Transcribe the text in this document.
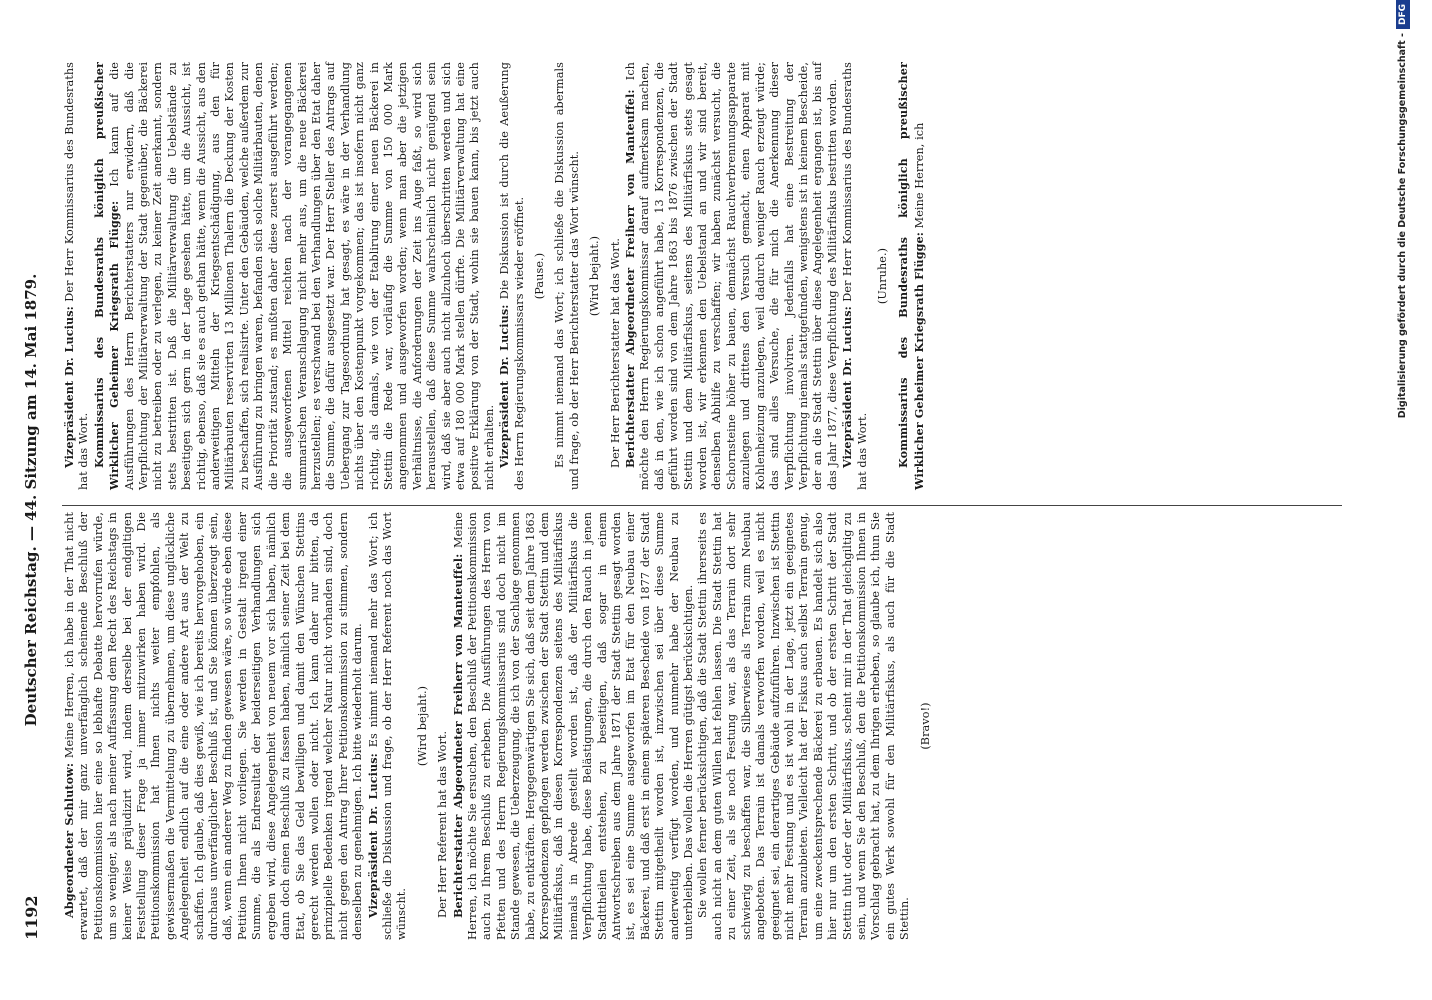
1192
Deutscher Reichstag. — 44. Sitzung am 14. Mai 1879.

Abgeordneter Schlutow: Meine Herren, ich habe in der That nicht erwartet, daß der mir ganz unverfänglich scheinende Beschluß der Petitionskommission hier eine so lebhafte Debatte hervorrufen würde, um so weniger, als nach meiner Auffassung dem Recht des Reichstags in keiner Weise präjudizirt wird, indem derselbe bei der endgiltigen Feststellung dieser Frage ja immer mitzuwirken haben wird. Die Petitionskommission hat Ihnen nichts weiter empfohlen, als gewissermaßen die Vermittelung zu übernehmen, um diese unglückliche Angelegenheit endlich auf die eine oder andere Art aus der Welt zu schaffen. Ich glaube, daß dies gewiß, wie ich bereits hervorgehoben, ein durchaus unverfänglicher Beschluß ist, und Sie können überzeugt sein, daß, wenn ein anderer Weg zu finden gewesen wäre, so würde eben diese Petition Ihnen nicht vorliegen. Sie werden in Gestalt irgend einer Summe, die als Endresultat der beiderseitigen Verhandlungen sich ergeben wird, diese Angelegenheit von neuem vor sich haben, nämlich dann doch einen Beschluß zu fassen haben, nämlich seiner Zeit bei dem Etat, ob Sie das Geld bewilligen und damit den Wünschen Stettins gerecht werden wollen oder nicht. Ich kann daher nur bitten, da prinzipielle Bedenken irgend welcher Natur nicht vorhanden sind, doch nicht gegen den Antrag Ihrer Petitionskommission zu stimmen, sondern denselben zu genehmigen. Ich bitte wiederholt darum. Vizepräsident Dr. Lucius: Es nimmt niemand mehr das Wort; ich schließe die Diskussion und frage, ob der Herr Referent noch das Wort wünscht.

(Wird bejaht.)

Der Herr Referent hat das Wort. Berichterstatter Abgeordneter Freiherr von Manteuffel: Meine Herren, ich möchte Sie ersuchen, den Beschluß der Petitionskommission auch zu Ihrem Beschluß zu erheben. Die Ausführungen des Herrn von Pfetten und des Herrn Regierungskommissarius sind doch nicht im Stande gewesen, die Ueberzeugung, die ich von der Sachlage genommen habe, zu entkräften. Hergegenwärtigen Sie sich, daß seit dem Jahre 1863 Korrespondenzen gepflogen werden zwischen der Stadt Stettin und dem Militärfiskus, daß in diesen Korrespondenzen seitens des Militärfiskus niemals in Abrede gestellt worden ist, daß der Militärfiskus die Verpflichtung habe, diese Belästigungen, die durch den Rauch in jenen Stadttheilen entstehen, zu beseitigen, daß sogar in einem Antwortschreiben aus dem Jahre 1871 der Stadt Stettin gesagt worden ist, es sei eine Summe ausgeworfen im Etat für den Neubau einer Bäckerei, und daß erst in einem späteren Bescheide von 1877 der Stadt Stettin mitgetheilt worden ist, inzwischen sei über diese Summe anderweitig verfügt worden, und nunmehr habe der Neubau zu unterbleiben. Das wollen die Herren gütigst berücksichtigen. Sie wollen ferner berücksichtigen, daß die Stadt Stettin ihrerseits es auch nicht an dem guten Willen hat fehlen lassen. Die Stadt Stettin hat zu einer Zeit, als sie noch Festung war, als das Terrain dort sehr schwierig zu beschaffen war, die Silberwiese als Terrain zum Neubau angeboten. Das Terrain ist damals verworfen worden, weil es nicht geeignet sei, ein derartiges Gebäude aufzuführen. Inzwischen ist Stettin nicht mehr Festung und es ist wohl in der Lage, jetzt ein geeignetes Terrain anzubieten. Vielleicht hat der Fiskus auch selbst Terrain genug, um eine zweckentsprechende Bäckerei zu erbauen. Es handelt sich also hier nur um den ersten Schritt, und ob der ersten Schritt der Stadt Stettin thut oder der Militärfiskus, scheint mir in der That gleichgiltig zu sein, und wenn Sie den Beschluß, den die Petitionskommission Ihnen in Vorschlag gebracht hat, zu dem Ihrigen erheben, so glaube ich, thun Sie ein gutes Werk sowohl für den Militärfiskus, als auch für die Stadt Stettin.

(Bravo!)

Vizepräsident Dr. Lucius: Der Herr Kommissarius des Bundesraths hat das Wort. Kommissarius des Bundesraths königlich preußischer Wirklicher Geheimer Kriegsrath Flügge: Ich kann auf die Ausführungen des Herrn Berichterstatters nur erwidern, daß die Verpflichtung der Militärverwaltung der Stadt gegenüber, die Bäckerei nicht zu betreiben oder zu verlegen, zu keiner Zeit anerkannt, sondern stets bestritten ist. Daß die Militärverwaltung die Uebelstände zu beseitigen sich gern in der Lage gesehen hätte, um die Aussicht, ist richtig, ebenso, daß sie es auch gethan hätte, wenn die Aussicht, aus den anderweitigen Mitteln der Kriegsentschädigung, aus den für Militärbauten reservirten 13 Millionen Thalern die Deckung der Kosten zu beschaffen, sich realisirte. Unter den Gebäuden, welche außerdem zur Ausführung zu bringen waren, befanden sich solche Militärbauten, denen die Priorität zustand; es mußten daher diese zuerst ausgeführt werden; die ausgeworfenen Mittel reichten nach der vorangegangenen summarischen Veranschlagung nicht mehr aus, um die neue Bäckerei herzustellen; es verschwand bei den Verhandlungen über den Etat daher die Summe, die dafür ausgesetzt war. Der Herr Steller des Antrags auf Uebergang zur Tagesordnung hat gesagt, es wäre in der Verhandlung nichts über den Kostenpunkt vorgekommen; das ist insofern nicht ganz richtig, als damals, wie von der Etablirung einer neuen Bäckerei in Stettin die Rede war, vorläufig die Summe von 150 000 Mark angenommen und ausgeworfen worden; wenn man aber die jetzigen Verhältnisse, die Anforderungen der Zeit ins Auge faßt, so wird sich herausstellen, daß diese Summe wahrscheinlich nicht genügend sein wird, daß sie aber auch nicht allzuhoch überschritten werden und sich etwa auf 180 000 Mark stellen dürfte. Die Militärverwaltung hat eine positive Erklärung von der Stadt, wohin sie bauen kann, bis jetzt auch nicht erhalten. Vizepräsident Dr. Lucius: Die Diskussion ist durch die Aeußerung des Herrn Regierungskommissars wieder eröffnet. (Pause.) Es nimmt niemand das Wort; ich schließe die Diskussion abermals und frage, ob der Herr Berichterstatter das Wort wünscht. (Wird bejaht.) Der Herr Berichterstatter hat das Wort. Berichterstatter Abgeordneter Freiherr von Manteuffel: Ich möchte den Herrn Regierungskommissar darauf aufmerksam machen, daß in den, wie ich schon angeführt habe, 13 Korrespondenzen, die geführt worden sind von dem Jahre 1863 bis 1876 zwischen der Stadt Stettin und dem Militärfiskus, seitens des Militärfiskus stets gesagt worden ist, wir erkennen den Uebelstand an und wir sind bereit, denselben Abhilfe zu verschaffen; wir haben zunächst versucht, die Schornsteine höher zu bauen, demnächst Rauchverbrennungsapparate anzulegen und drittens den Versuch gemacht, einen Apparat mit Kohlenheizung anzulegen, weil dadurch weniger Rauch erzeugt würde; das sind alles Versuche, die für mich die Anerkennung dieser Verpflichtung involviren. Jedenfalls hat eine Bestreitung der Verpflichtung niemals stattgefunden, wenigstens ist in keinem Bescheide, der an die Stadt Stettin über diese Angelegenheit ergangen ist, bis auf das Jahr 1877, diese Verpflichtung des Militärfiskus bestritten worden. Vizepräsident Dr. Lucius: Der Herr Kommissarius des Bundesraths hat das Wort.

(Unruhe.) Kommissarius des Bundesraths königlich preußischer Wirklicher Geheimer Kriegsrath Flügge: Meine Herren, ich	Digitalisierung gefördert durch die Deutsche Forschungsgemeinschaft -DFG
